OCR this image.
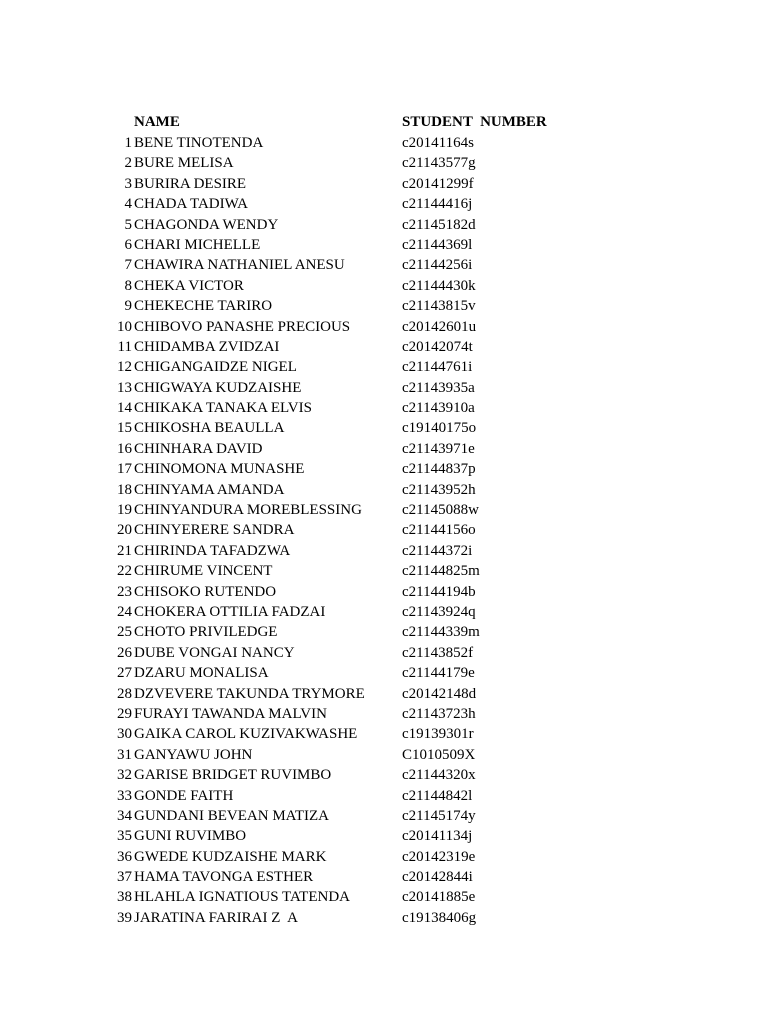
NAME	STUDENT  NUMBER
1 BENE TINOTENDA	c20141164s
2 BURE MELISA	c21143577g
3 BURIRA DESIRE	c20141299f
4 CHADA TADIWA	c21144416j
5 CHAGONDA WENDY	c21145182d
6 CHARI MICHELLE	c21144369l
7 CHAWIRA NATHANIEL ANESU	c21144256i
8 CHEKA VICTOR	c21144430k
9 CHEKECHE TARIRO	c21143815v
10 CHIBOVO PANASHE PRECIOUS	c20142601u
11 CHIDAMBA ZVIDZAI	c20142074t
12 CHIGANGAIDZE NIGEL	c21144761i
13 CHIGWAYA KUDZAISHE	c21143935a
14 CHIKAKA TANAKA ELVIS	c21143910a
15 CHIKOSHA BEAULLA	c19140175o
16 CHINHARA DAVID	c21143971e
17 CHINOMONA MUNASHE	c21144837p
18 CHINYAMA AMANDA	c21143952h
19 CHINYANDURA MOREBLESSING	c21145088w
20 CHINYERERE SANDRA	c21144156o
21 CHIRINDA TAFADZWA	c21144372i
22 CHIRUME VINCENT	c21144825m
23 CHISOKO RUTENDO	c21144194b
24 CHOKERA OTTILIA FADZAI	c21143924q
25 CHOTO PRIVILEDGE	c21144339m
26 DUBE VONGAI NANCY	c21143852f
27 DZARU MONALISA	c21144179e
28 DZVEVERE TAKUNDA TRYMORE c20142148d
29 FURAYI TAWANDA MALVIN	c21143723h
30 GAIKA CAROL KUZIVAKWASHE	c19139301r
31 GANYAWU JOHN	C1010509X
32 GARISE BRIDGET RUVIMBO	c21144320x
33 GONDE FAITH	c21144842l
34 GUNDANI BEVEAN MATIZA	c21145174y
35 GUNI RUVIMBO	c20141134j
36 GWEDE KUDZAISHE MARK	c20142319e
37 HAMA TAVONGA ESTHER	c20142844i
38 HLAHLA IGNATIOUS TATENDA	c20141885e
39 JARATINA FARIRAI Z  A	c19138406g
